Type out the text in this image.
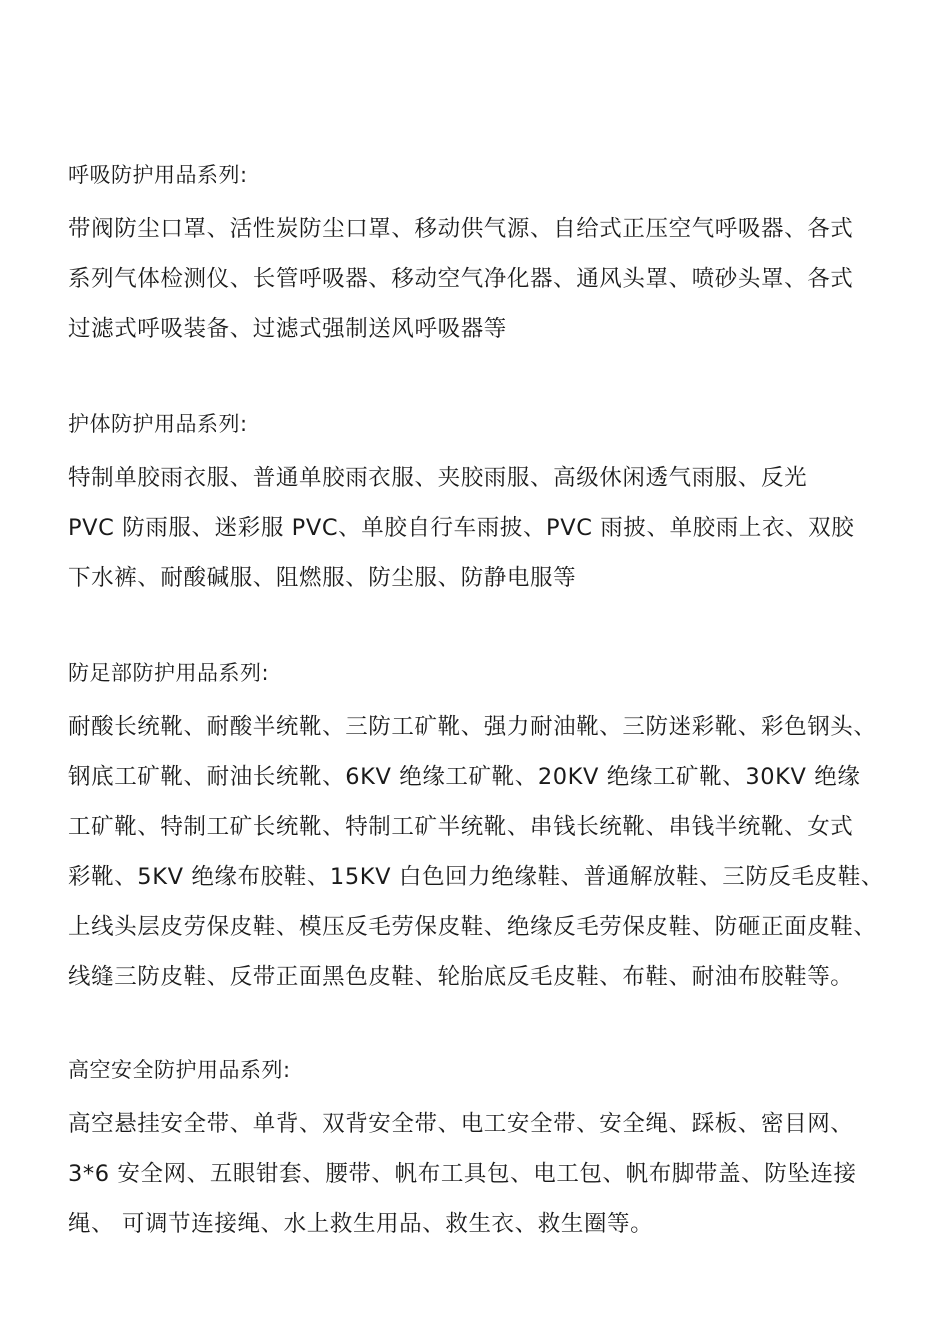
呼吸防护用品系列:
带阀防尘口罩、活性炭防尘口罩、移动供气源、自给式正压空气呼吸器、各式
系列气体检测仪、长管呼吸器、移动空气净化器、通风头罩、喷砂头罩、各式
过滤式呼吸装备、过滤式强制送风呼吸器等
护体防护用品系列:
特制单胶雨衣服、普通单胶雨衣服、夹胶雨服、高级休闲透气雨服、反光
PVC 防雨服、迷彩服 PVC、单胶自行车雨披、PVC 雨披、单胶雨上衣、双胶
下水裤、耐酸碱服、阻燃服、防尘服、防静电服等
防足部防护用品系列:
耐酸长统靴、耐酸半统靴、三防工矿靴、强力耐油靴、三防迷彩靴、彩色钢头、
钢底工矿靴、耐油长统靴、6KV 绝缘工矿靴、20KV 绝缘工矿靴、30KV 绝缘
工矿靴、特制工矿长统靴、特制工矿半统靴、串钱长统靴、串钱半统靴、女式
彩靴、5KV 绝缘布胶鞋、15KV 白色回力绝缘鞋、普通解放鞋、三防反毛皮鞋、
上线头层皮劳保皮鞋、模压反毛劳保皮鞋、绝缘反毛劳保皮鞋、防砸正面皮鞋、
线缝三防皮鞋、反带正面黑色皮鞋、轮胎底反毛皮鞋、布鞋、耐油布胶鞋等。
高空安全防护用品系列:
高空悬挂安全带、单背、双背安全带、电工安全带、安全绳、踩板、密目网、
3*6 安全网、五眼钳套、腰带、帆布工具包、电工包、帆布脚带盖、防坠连接
绳、 可调节连接绳、水上救生用品、救生衣、救生圈等。
